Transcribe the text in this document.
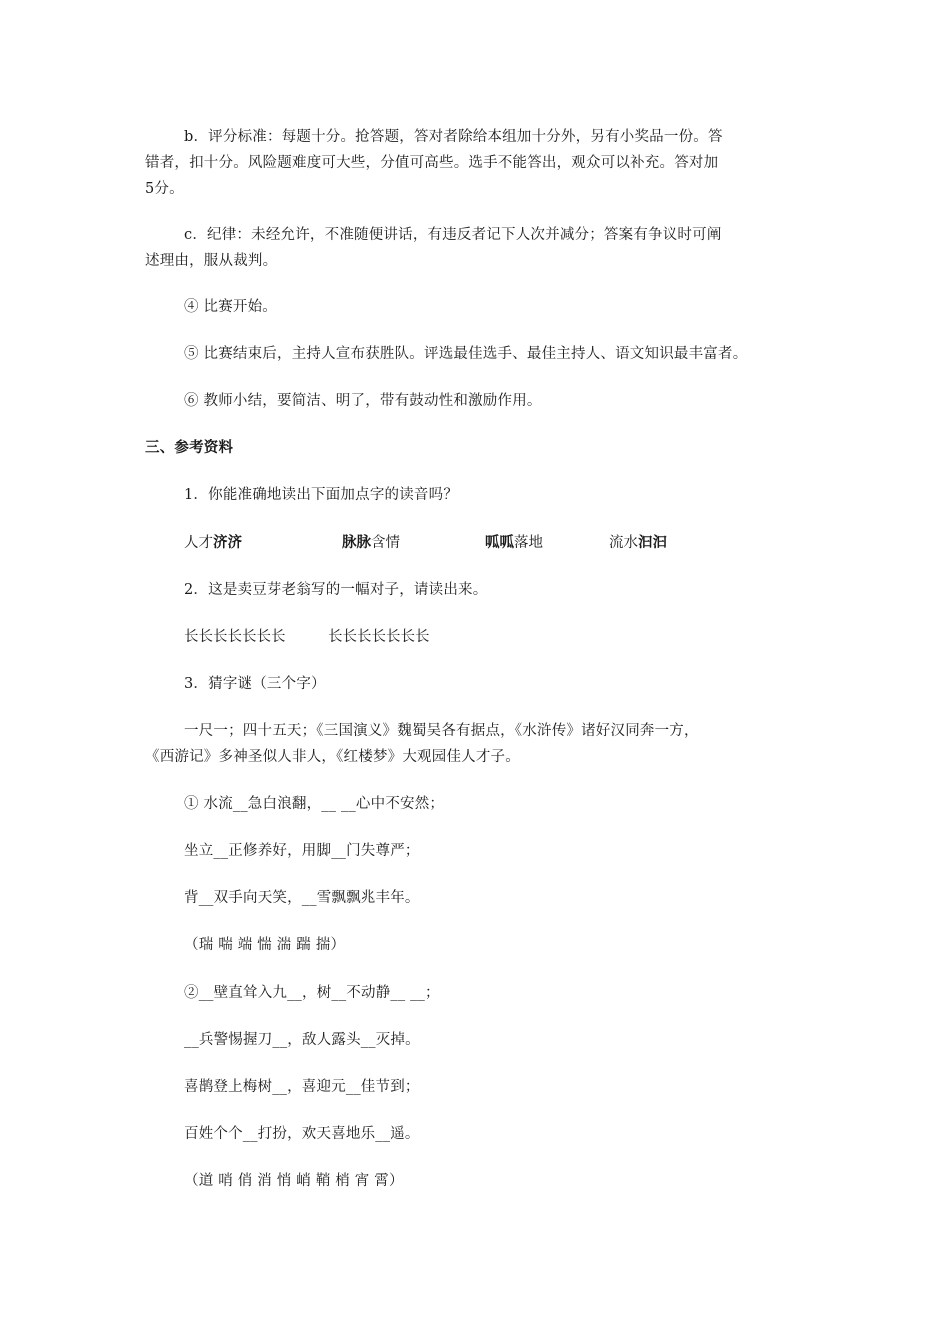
b．评分标准：每题十分。抢答题，答对者除给本组加十分外，另有小奖品一份。答
错者，扣十分。风险题难度可大些，分值可高些。选手不能答出，观众可以补充。答对加
5分。
c．纪律：未经允许，不准随便讲话，有违反者记下人次并减分；答案有争议时可阐
述理由，服从裁判。
④ 比赛开始。
⑤ 比赛结束后，主持人宣布获胜队。评选最佳选手、最佳主持人、语文知识最丰富者。
⑥ 教师小结，要简洁、明了，带有鼓动性和激励作用。
三、参考资料
1．你能准确地读出下面加点字的读音吗？
人才济济	脉脉含情	呱呱落地	流水汩汩
2．这是卖豆芽老翁写的一幅对子，请读出来。
长长长长长长长	长长长长长长长
3．猜字谜（三个字）
一尺一；四十五天；《三国演义》魏蜀吴各有据点，《水浒传》诸好汉同奔一方，
《西游记》多神圣似人非人，《红楼梦》大观园佳人才子。
① 水流__急白浪翻，__ __心中不安然；
坐立__正修养好，用脚__门失尊严；
背__双手向天笑，__雪飘飘兆丰年。
（瑞 喘 端 惴 湍 踹 揣）
②__壁直耸入九__，树__不动静__ __；
__兵警惕握刀__，敌人露头__灭掉。
喜鹊登上梅树__，喜迎元__佳节到；
百姓个个__打扮，欢天喜地乐__遥。
（道 哨 俏 消 悄 峭 鞘 梢 宵 霄）
